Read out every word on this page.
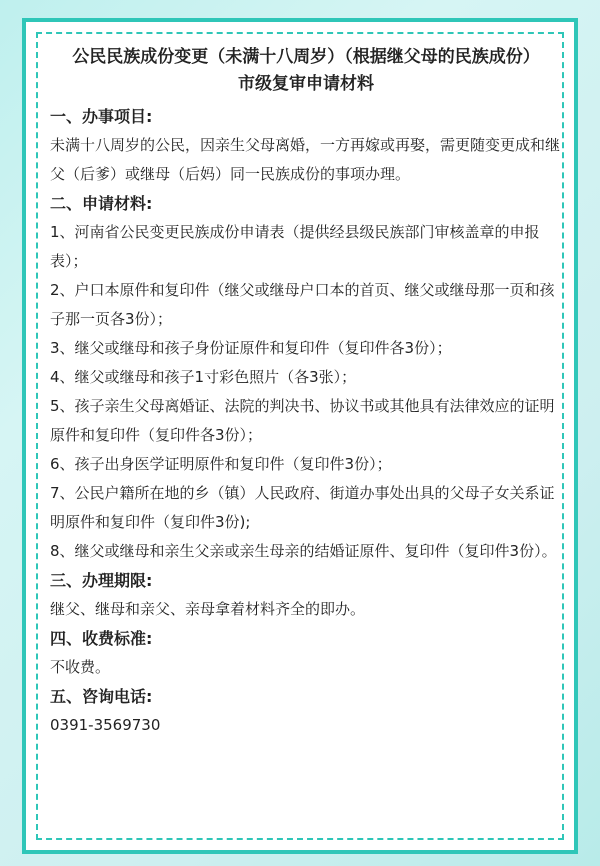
公民民族成份变更（未满十八周岁）（根据继父母的民族成份）市级复审申请材料
一、办事项目:

未满十八周岁的公民，因亲生父母离婚，一方再嫁或再娶，需更随变更成和继父（后爹）或继母（后妈）同一民族成份的事项办理。

二、申请材料:
1、河南省公民变更民族成份申请表（提供经县级民族部门审核盖章的申报表）；
2、户口本原件和复印件（继父或继母户口本的首页、继父或继母那一页和孩子那一页各3份）；
3、继父或继母和孩子身份证原件和复印件（复印件各3份）；
4、继父或继母和孩子1寸彩色照片（各3张）；
5、孩子亲生父母离婚证、法院的判决书、协议书或其他具有法律效应的证明原件和复印件（复印件各3份）；
6、孩子出身医学证明原件和复印件（复印件3份）；
7、公民户籍所在地的乡（镇）人民政府、街道办事处出具的父母子女关系证明原件和复印件（复印件3份);
8、继父或继母和亲生父亲或亲生母亲的结婚证原件、复印件（复印件3份）。
三、办理期限:

继父、继母和亲父、亲母拿着材料齐全的即办。

四、收费标准:

不收费。

五、咨询电话:

0391-3569730
